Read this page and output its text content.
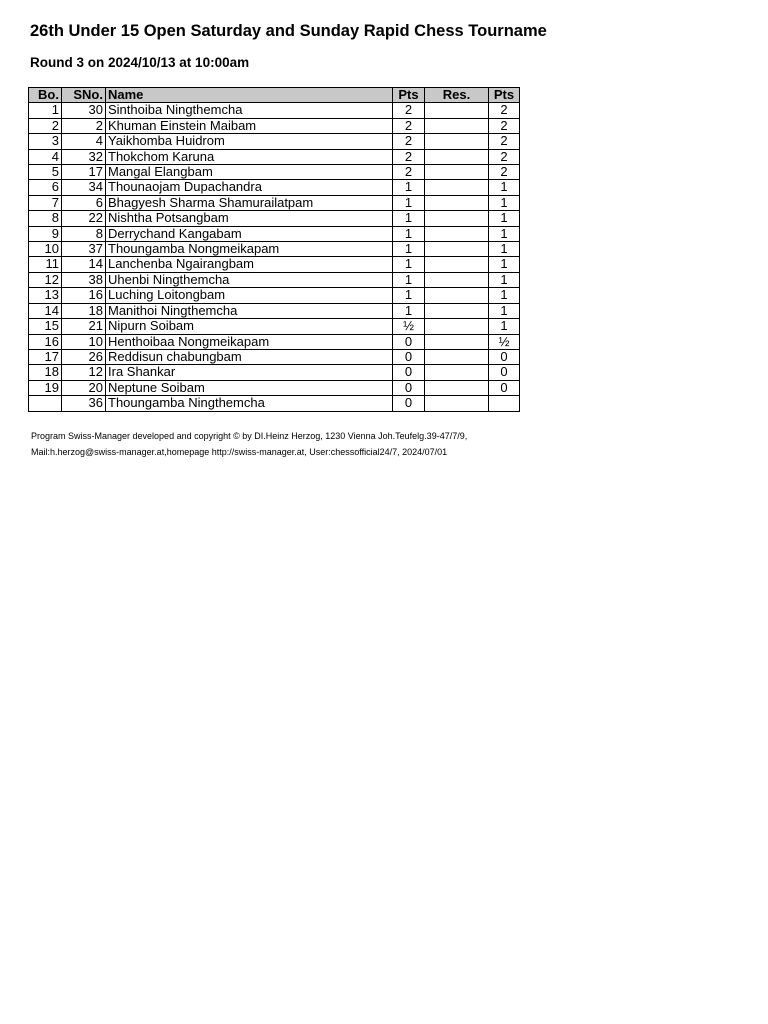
26th Under 15 Open Saturday and Sunday Rapid Chess Tourname
Round 3 on 2024/10/13 at 10:00am
Bo.	SNo.	Name	Pts	Res.	Pts
1	30	Sinthoiba Ningthemcha	2		2
2	2	Khuman Einstein Maibam	2		2
3	4	Yaikhomba Huidrom	2		2
4	32	Thokchom Karuna	2		2
5	17	Mangal Elangbam	2		2
6	34	Thounaojam Dupachandra	1		1
7	6	Bhagyesh Sharma Shamurailatpam	1		1
8	22	Nishtha Potsangbam	1		1
9	8	Derrychand Kangabam	1		1
10	37	Thoungamba Nongmeikapam	1		1
11	14	Lanchenba Ngairangbam	1		1
12	38	Uhenbi Ningthemcha	1		1
13	16	Luching Loitongbam	1		1
14	18	Manithoi Ningthemcha	1		1
15	21	Nipurn Soibam	½		1
16	10	Henthoibaa Nongmeikapam	0		½
17	26	Reddisun chabungbam	0		0
18	12	Ira Shankar	0		0
19	20	Neptune Soibam	0		0
	36	Thoungamba Ningthemcha	0		
Program Swiss-Manager developed and copyright © by DI.Heinz Herzog, 1230 Vienna Joh.Teufelg.39-47/7/9,
Mail:h.herzog@swiss-manager.at,homepage http://swiss-manager.at, User:chessofficial24/7, 2024/07/01
